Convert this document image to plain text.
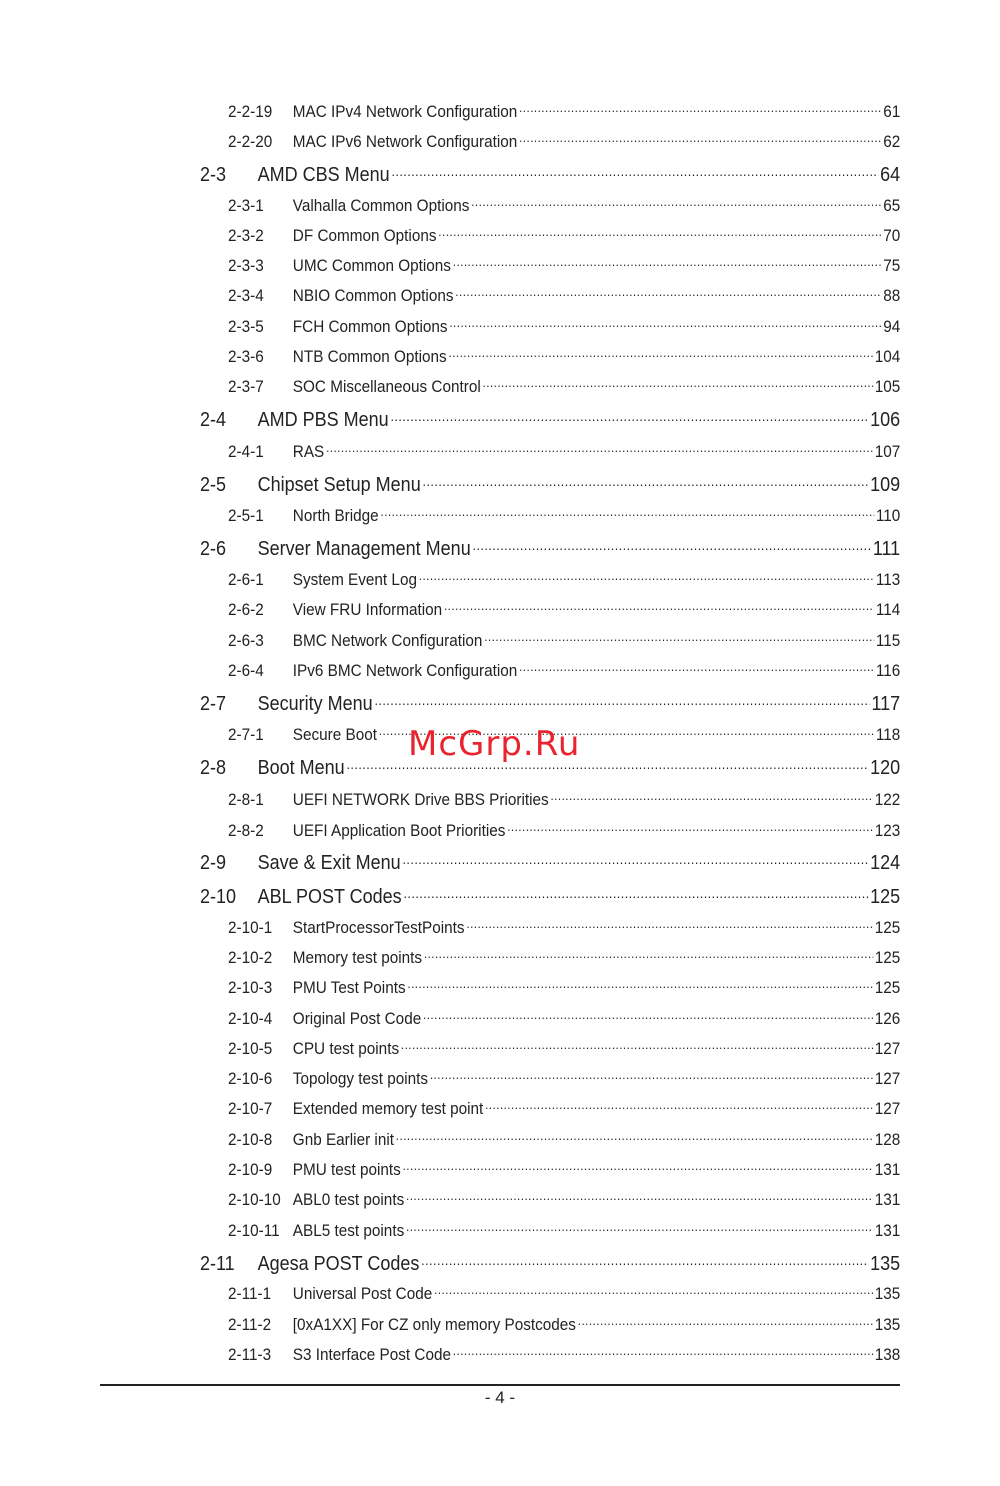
2-2-19	MAC IPv4 Network Configuration .....	61
2-2-20	MAC IPv6 Network Configuration .....	62
2-3	AMD CBS Menu .....	64
2-3-1	Valhalla Common Options .....	65
2-3-2	DF Common Options .....	70
2-3-3	UMC Common Options .....	75
2-3-4	NBIO Common Options .....	88
2-3-5	FCH Common Options .....	94
2-3-6	NTB Common Options .....	104
2-3-7	SOC Miscellaneous Control .....	105
2-4	AMD PBS Menu .....	106
2-4-1	RAS .....	107
2-5	Chipset Setup Menu .....	109
2-5-1	North Bridge .....	110
2-6	Server Management Menu .....	111
2-6-1	System Event Log .....	113
2-6-2	View FRU Information .....	114
2-6-3	BMC Network Configuration .....	115
2-6-4	IPv6 BMC Network Configuration .....	116
2-7	Security Menu .....	117
2-7-1	Secure Boot .....	118
2-8	Boot Menu .....	120
2-8-1	UEFI NETWORK Drive BBS Priorities .....	122
2-8-2	UEFI Application Boot Priorities .....	123
2-9	Save & Exit Menu .....	124
2-10	ABL POST Codes .....	125
2-10-1	StartProcessorTestPoints .....	125
2-10-2	Memory test points .....	125
2-10-3	PMU Test Points .....	125
2-10-4	Original Post Code .....	126
2-10-5	CPU test points .....	127
2-10-6	Topology test points .....	127
2-10-7	Extended memory test point .....	127
2-10-8	Gnb Earlier init .....	128
2-10-9	PMU test points .....	131
2-10-10 ABL0 test points .....	131
2-10-11 ABL5 test points .....	131
2-11	Agesa POST Codes .....	135
2-11-1	Universal Post Code .....	135
2-11-2	[0xA1XX] For CZ only memory Postcodes .....	135
2-11-3	S3 Interface Post Code .....	138
McGrp.Ru
- 4 -
